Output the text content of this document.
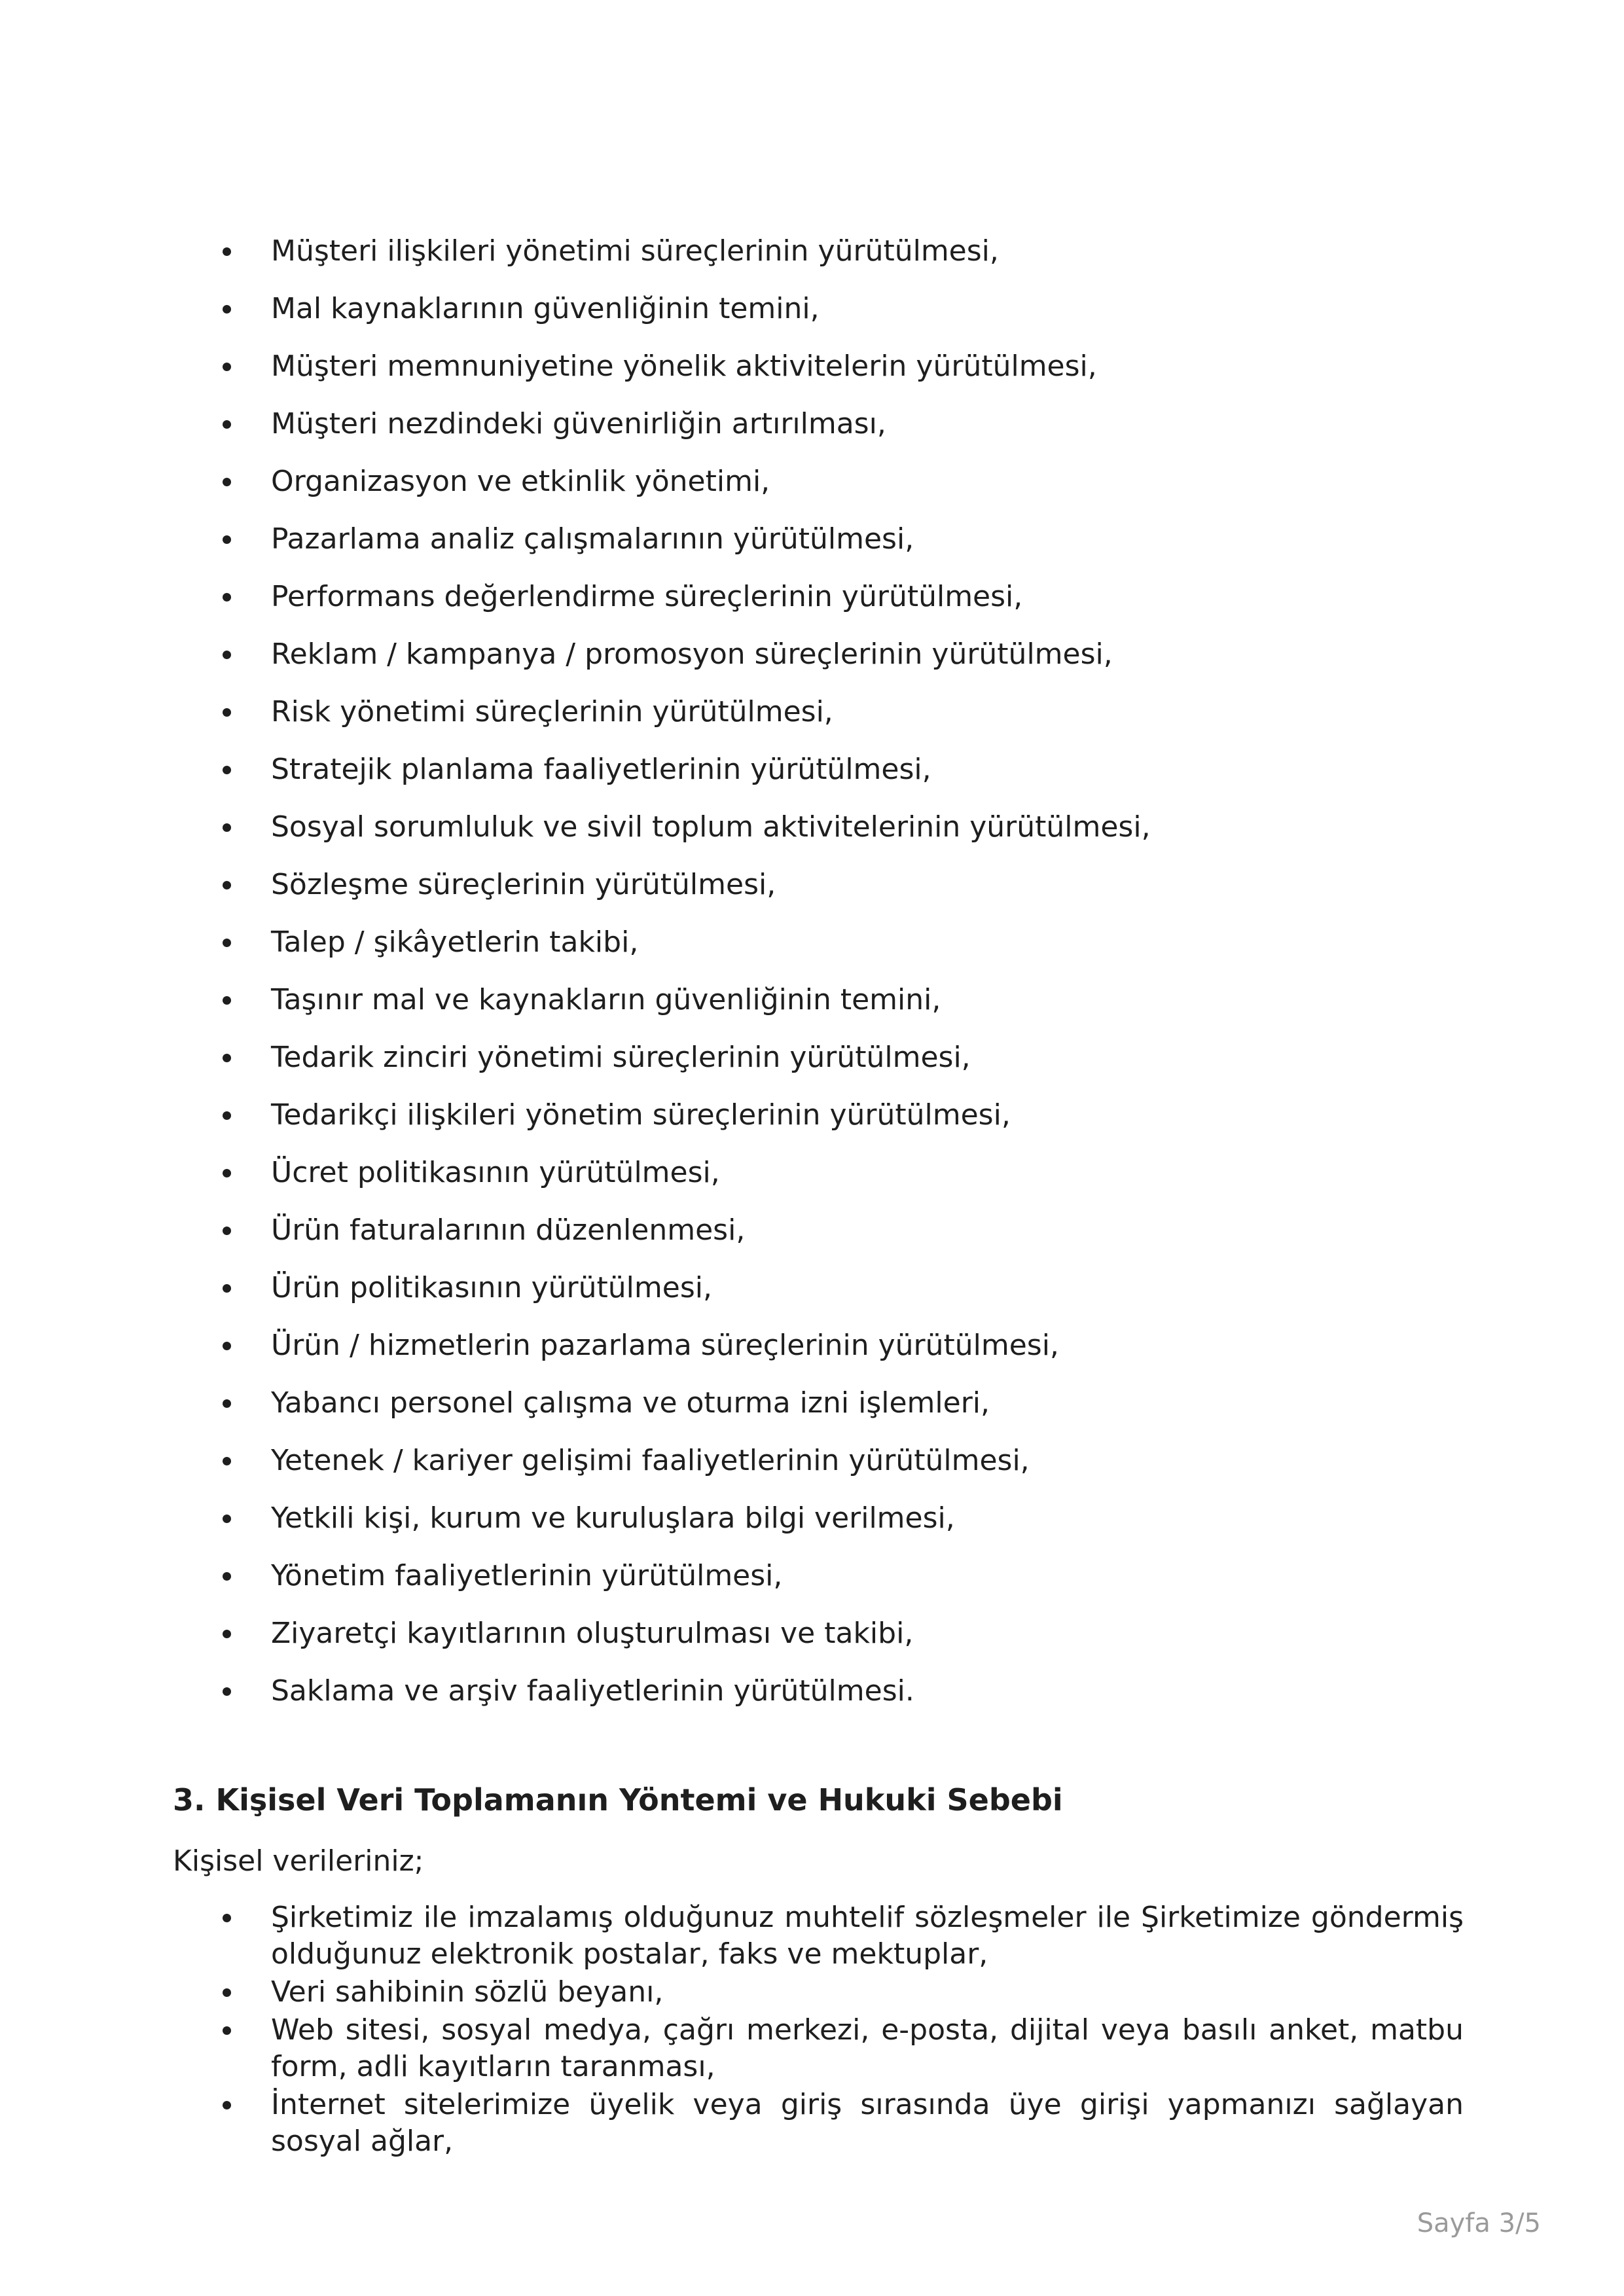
Müşteri ilişkileri yönetimi süreçlerinin yürütülmesi,
Mal kaynaklarının güvenliğinin temini,
Müşteri memnuniyetine yönelik aktivitelerin yürütülmesi,
Müşteri nezdindeki güvenirliğin artırılması,
Organizasyon ve etkinlik yönetimi,
Pazarlama analiz çalışmalarının yürütülmesi,
Performans değerlendirme süreçlerinin yürütülmesi,
Reklam / kampanya / promosyon süreçlerinin yürütülmesi,
Risk yönetimi süreçlerinin yürütülmesi,
Stratejik planlama faaliyetlerinin yürütülmesi,
Sosyal sorumluluk ve sivil toplum aktivitelerinin yürütülmesi,
Sözleşme süreçlerinin yürütülmesi,
Talep / şikâyetlerin takibi,
Taşınır mal ve kaynakların güvenliğinin temini,
Tedarik zinciri yönetimi süreçlerinin yürütülmesi,
Tedarikçi ilişkileri yönetim süreçlerinin yürütülmesi,
Ücret politikasının yürütülmesi,
Ürün faturalarının düzenlenmesi,
Ürün politikasının yürütülmesi,
Ürün / hizmetlerin pazarlama süreçlerinin yürütülmesi,
Yabancı personel çalışma ve oturma izni işlemleri,
Yetenek / kariyer gelişimi faaliyetlerinin yürütülmesi,
Yetkili kişi, kurum ve kuruluşlara bilgi verilmesi,
Yönetim faaliyetlerinin yürütülmesi,
Ziyaretçi kayıtlarının oluşturulması ve takibi,
Saklama ve arşiv faaliyetlerinin yürütülmesi.
3. Kişisel Veri Toplamanın Yöntemi ve Hukuki Sebebi

Kişisel verileriniz;

Şirketimiz ile imzalamış olduğunuz muhtelif sözleşmeler ile Şirketimize göndermiş olduğunuz elektronik postalar, faks ve mektuplar,
Veri sahibinin sözlü beyanı,
Web sitesi, sosyal medya, çağrı merkezi, e-posta, dijital veya basılı anket, matbu form, adli kayıtların taranması,
İnternet sitelerimize üyelik veya giriş sırasında üye girişi yapmanızı sağlayan sosyal ağlar,
Sayfa 3/5
